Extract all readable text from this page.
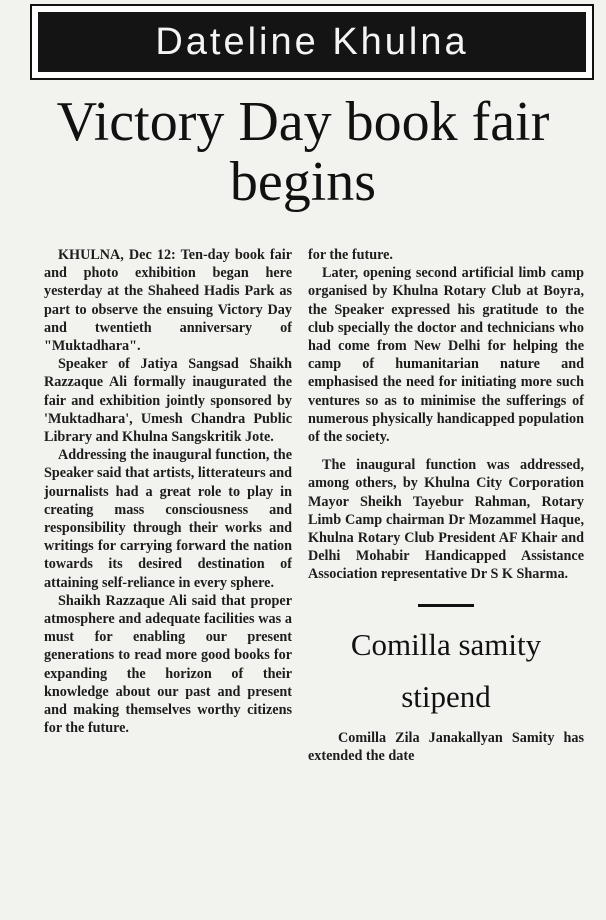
Dateline Khulna
Victory Day book fair begins

KHULNA, Dec 12: Ten-day book fair and photo exhibition began here yesterday at the Shaheed Hadis Park as part to observe the ensuing Victory Day and twentieth anniversary of "Muktadhara".

Speaker of Jatiya Sangsad Shaikh Razzaque Ali formally inaugurated the fair and exhibition jointly sponsored by 'Muktadhara', Umesh Chandra Public Library and Khulna Sangskritik Jote.

Addressing the inaugural function, the Speaker said that artists, litterateurs and journalists had a great role to play in creating mass consciousness and responsibility through their works and writings for carrying forward the nation towards its desired destination of attaining self-reliance in every sphere.

Shaikh Razzaque Ali said that proper atmosphere and adequate facilities was a must for enabling our present generations to read more good books for expanding the horizon of their knowledge about our past and present and making themselves worthy citizens for the future.

for the future.

Later, opening second artificial limb camp organised by Khulna Rotary Club at Boyra, the Speaker expressed his gratitude to the club specially the doctor and technicians who had come from New Delhi for helping the camp of humanitarian nature and emphasised the need for initiating more such ventures so as to minimise the sufferings of numerous physically handicapped population of the society.

The inaugural function was addressed, among others, by Khulna City Corporation Mayor Sheikh Tayebur Rahman, Rotary Limb Camp chairman Dr Mozammel Haque, Khulna Rotary Club President AF Khair and Delhi Mohabir Handicapped Assistance Association representative Dr S K Sharma.

Comilla samity stipend

Comilla Zila Janakallyan Samity has extended the date
